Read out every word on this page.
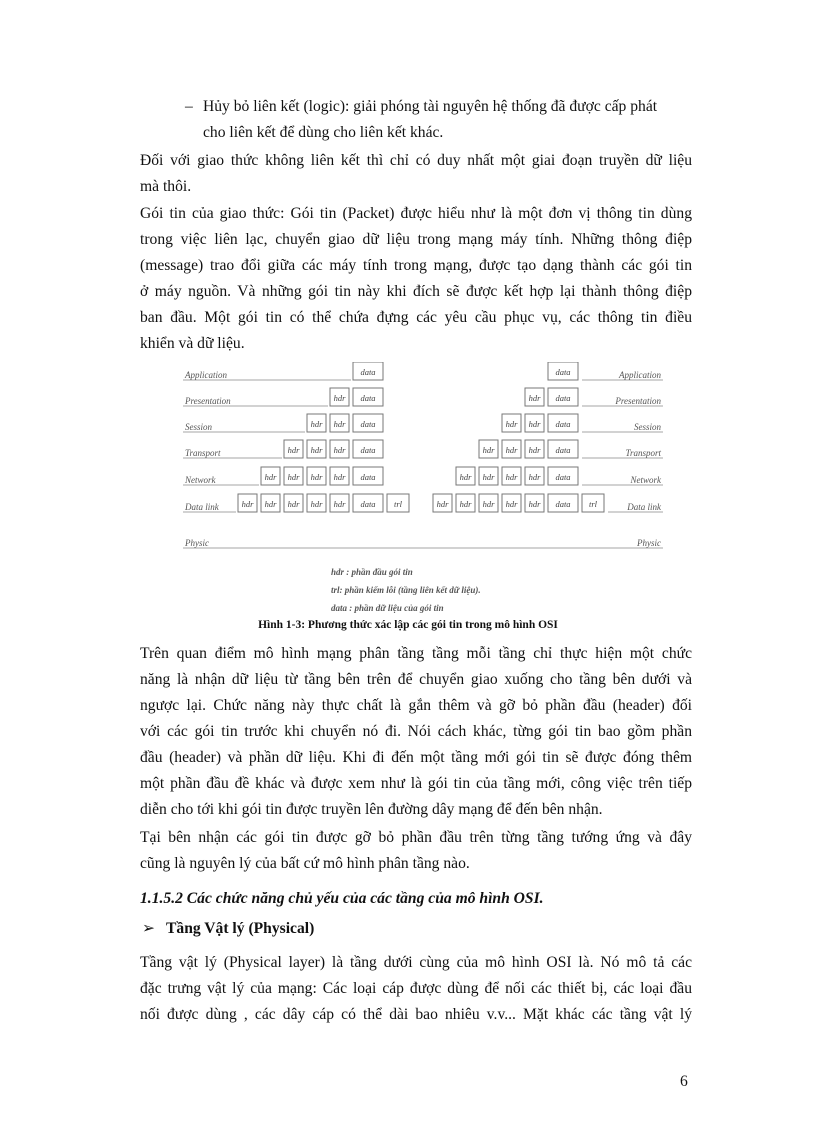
– Hủy bỏ liên kết (logic): giải phóng tài nguyên hệ thống đã được cấp phát
cho liên kết để dùng cho liên kết khác.

Đối với giao thức không liên kết thì chỉ có duy nhất một giai đoạn truyền dữ liệu
mà thôi.

Gói tin của giao thức: Gói tin (Packet) được hiểu như là một đơn vị thông tin dùng
trong việc liên lạc, chuyển giao dữ liệu trong mạng máy tính. Những thông điệp
(message) trao đổi giữa các máy tính trong mạng, được tạo dạng thành các gói tin
ở máy nguồn. Và những gói tin này khi đích sẽ được kết hợp lại thành thông điệp
ban đầu. Một gói tin có thể chứa đựng các yêu cầu phục vụ, các thông tin điều
khiển và dữ liệu.

data	data
hdr data	hdr data
hdr hdr data	hdr hdr data
hdr hdr hdr data	hdr hdr hdr data
hdr hdr hdr hdr data	hdr hdr hdr hdr data
hdr hdr hdr hdr hdr data trl	hdr hdr hdr hdr hdr data trl
Application	Application
Presentation	Presentation
Session	Session
Transport	Transport
Network	Network
Data link	Data link
Physic	Physic
hdr : phần đầu gói tin
trl: phần kiểm lỗi (tầng liên kết dữ liệu).
data : phần dữ liệu của gói tin

Hình 1-3: Phương thức xác lập các gói tin trong mô hình OSI

Trên quan điểm mô hình mạng phân tầng tầng mỗi tầng chỉ thực hiện một chức
năng là nhận dữ liệu từ tầng bên trên để chuyển giao xuống cho tầng bên dưới và
ngược lại. Chức năng này thực chất là gắn thêm và gỡ bỏ phần đầu (header) đối
với các gói tin trước khi chuyển nó đi. Nói cách khác, từng gói tin bao gồm phần
đầu (header) và phần dữ liệu. Khi đi đến một tầng mới gói tin sẽ được đóng thêm
một phần đầu đề khác và được xem như là gói tin của tầng mới, công việc trên tiếp
diễn cho tới khi gói tin được truyền lên đường dây mạng để đến bên nhận.

Tại bên nhận các gói tin được gỡ bỏ phần đầu trên từng tầng tướng ứng và đây
cũng là nguyên lý của bất cứ mô hình phân tầng nào.

1.1.5.2 Các chức năng chủ yếu của các tầng của mô hình OSI.

➢ Tầng Vật lý (Physical)

Tầng vật lý (Physical layer) là tầng dưới cùng của mô hình OSI là. Nó mô tả các
đặc trưng vật lý của mạng: Các loại cáp được dùng để nối các thiết bị, các loại đầu
nối được dùng , các dây cáp có thể dài bao nhiêu v.v... Mặt khác các tầng vật lý

6
